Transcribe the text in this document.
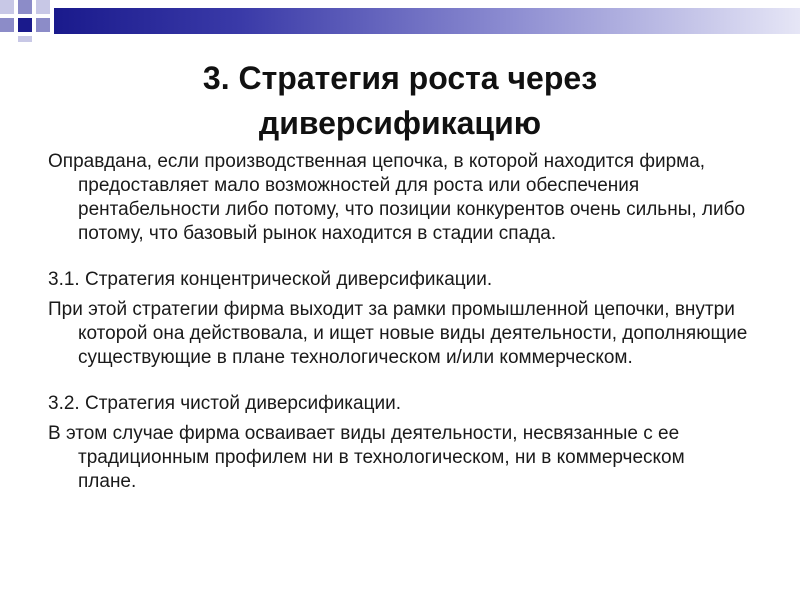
3. Стратегия роста через
диверсификацию

Оправдана, если производственная цепочка, в которой находится фирма, предоставляет мало возможностей для роста или обеспечения рентабельности либо потому, что позиции конкурентов очень сильны, либо потому, что базовый рынок находится в стадии спада.

3.1. Стратегия концентрической диверсификации.

При этой стратегии фирма выходит за рамки промышленной цепочки, внутри которой она действовала, и ищет новые виды деятельности, дополняющие существующие в плане технологическом и/или коммерческом.

3.2. Стратегия чистой диверсификации.

В этом случае фирма осваивает виды деятельности, несвязанные с ее традиционным профилем ни в технологическом, ни в коммерческом плане.
